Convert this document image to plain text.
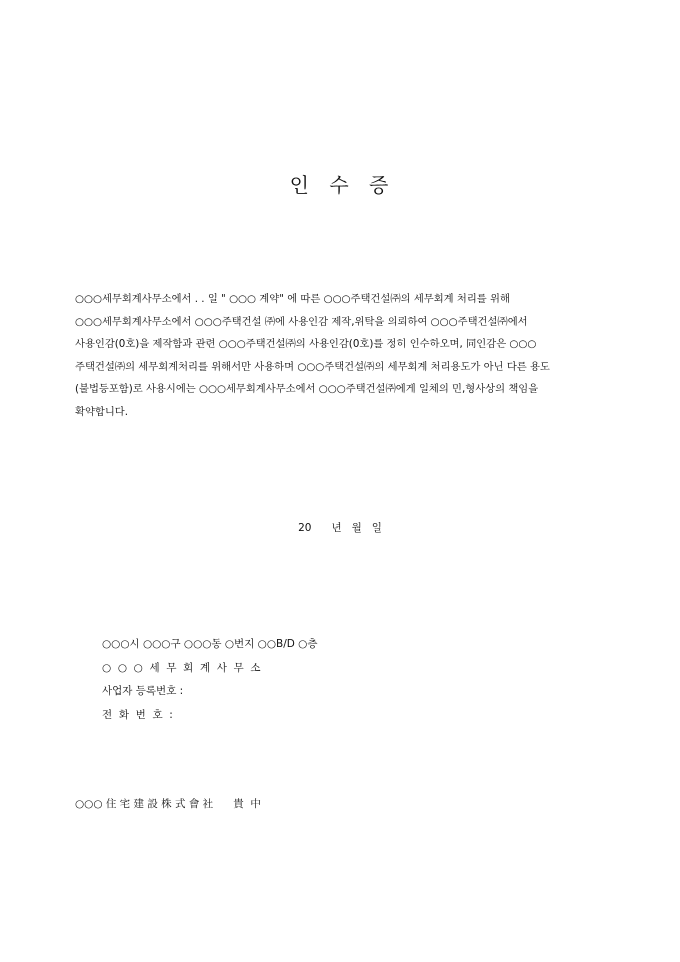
인 수 증
○○○세무회계사무소에서 . . 일 " ○○○ 계약" 에 따른 ○○○주택건설㈜의 세무회계 처리를 위해
○○○세무회계사무소에서 ○○○주택건설 ㈜에 사용인감 제작,위탁을 의뢰하여 ○○○주택건설㈜에서
사용인감(0호)을 제작함과 관련 ○○○주택건설㈜의 사용인감(0호)를 정히 인수하오며, 同인감은 ○○○
주택건설㈜의 세무회계처리를 위해서만 사용하며 ○○○주택건설㈜의 세무회계 처리용도가 아닌 다른 용도
(불법등포함)로 사용시에는 ○○○세무회계사무소에서 ○○○주택건설㈜에게 일체의 민,형사상의 책임을
확약합니다.
20      년   월   일
○○○시 ○○○구 ○○○동 ○번지 ○○B/D ○층
○  ○  ○  세  무  회  계  사  무  소
사업자 등록번호 :
전  화  번  호  :
○○○ 住 宅 建 設 株 式 會 社      貴  中
